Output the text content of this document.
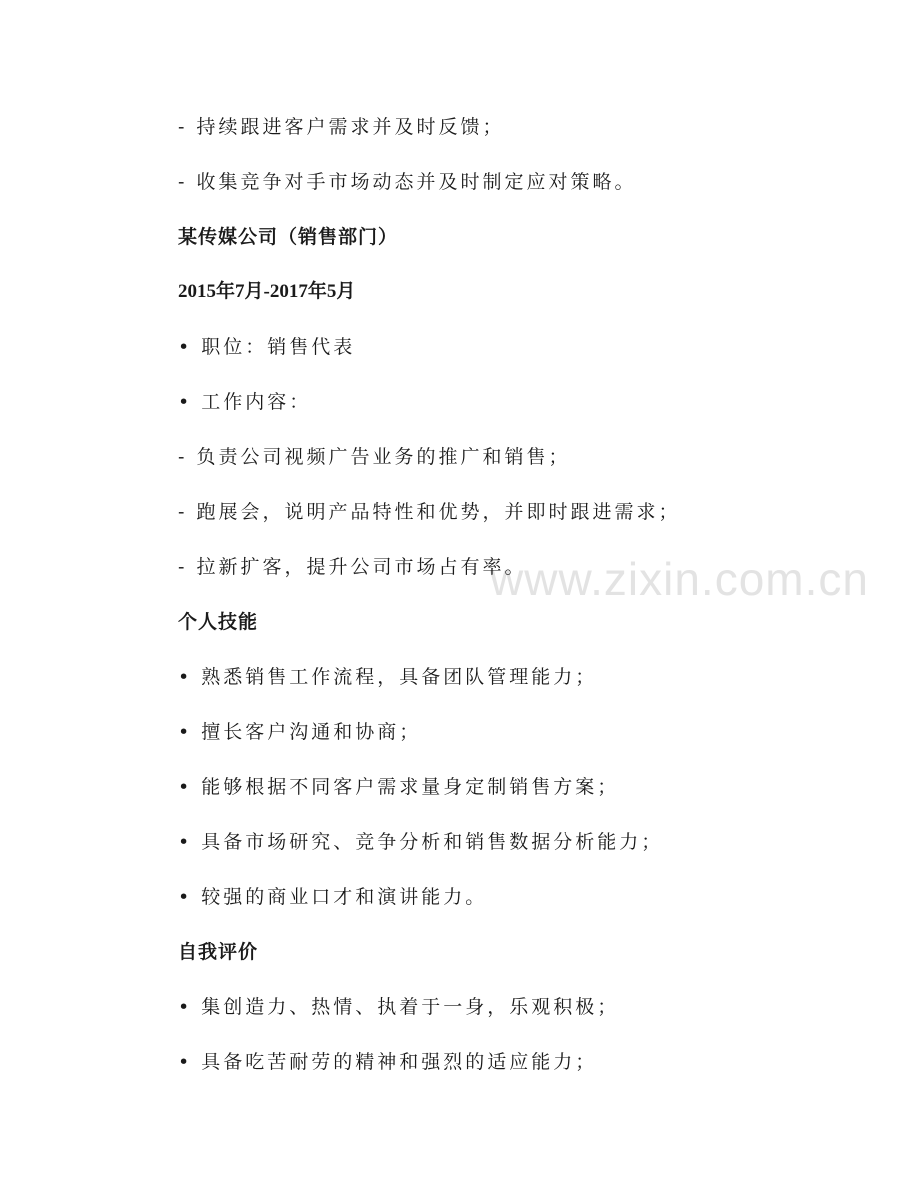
www.zixin.com.cn
- 持续跟进客户需求并及时反馈；
- 收集竞争对手市场动态并及时制定应对策略。
某传媒公司（销售部门）
2015年7月-2017年5月
• 职位：销售代表
• 工作内容：
- 负责公司视频广告业务的推广和销售；
- 跑展会，说明产品特性和优势，并即时跟进需求；
- 拉新扩客，提升公司市场占有率。
个人技能
• 熟悉销售工作流程，具备团队管理能力；
• 擅长客户沟通和协商；
• 能够根据不同客户需求量身定制销售方案；
• 具备市场研究、竞争分析和销售数据分析能力；
• 较强的商业口才和演讲能力。
自我评价
• 集创造力、热情、执着于一身，乐观积极；
• 具备吃苦耐劳的精神和强烈的适应能力；
